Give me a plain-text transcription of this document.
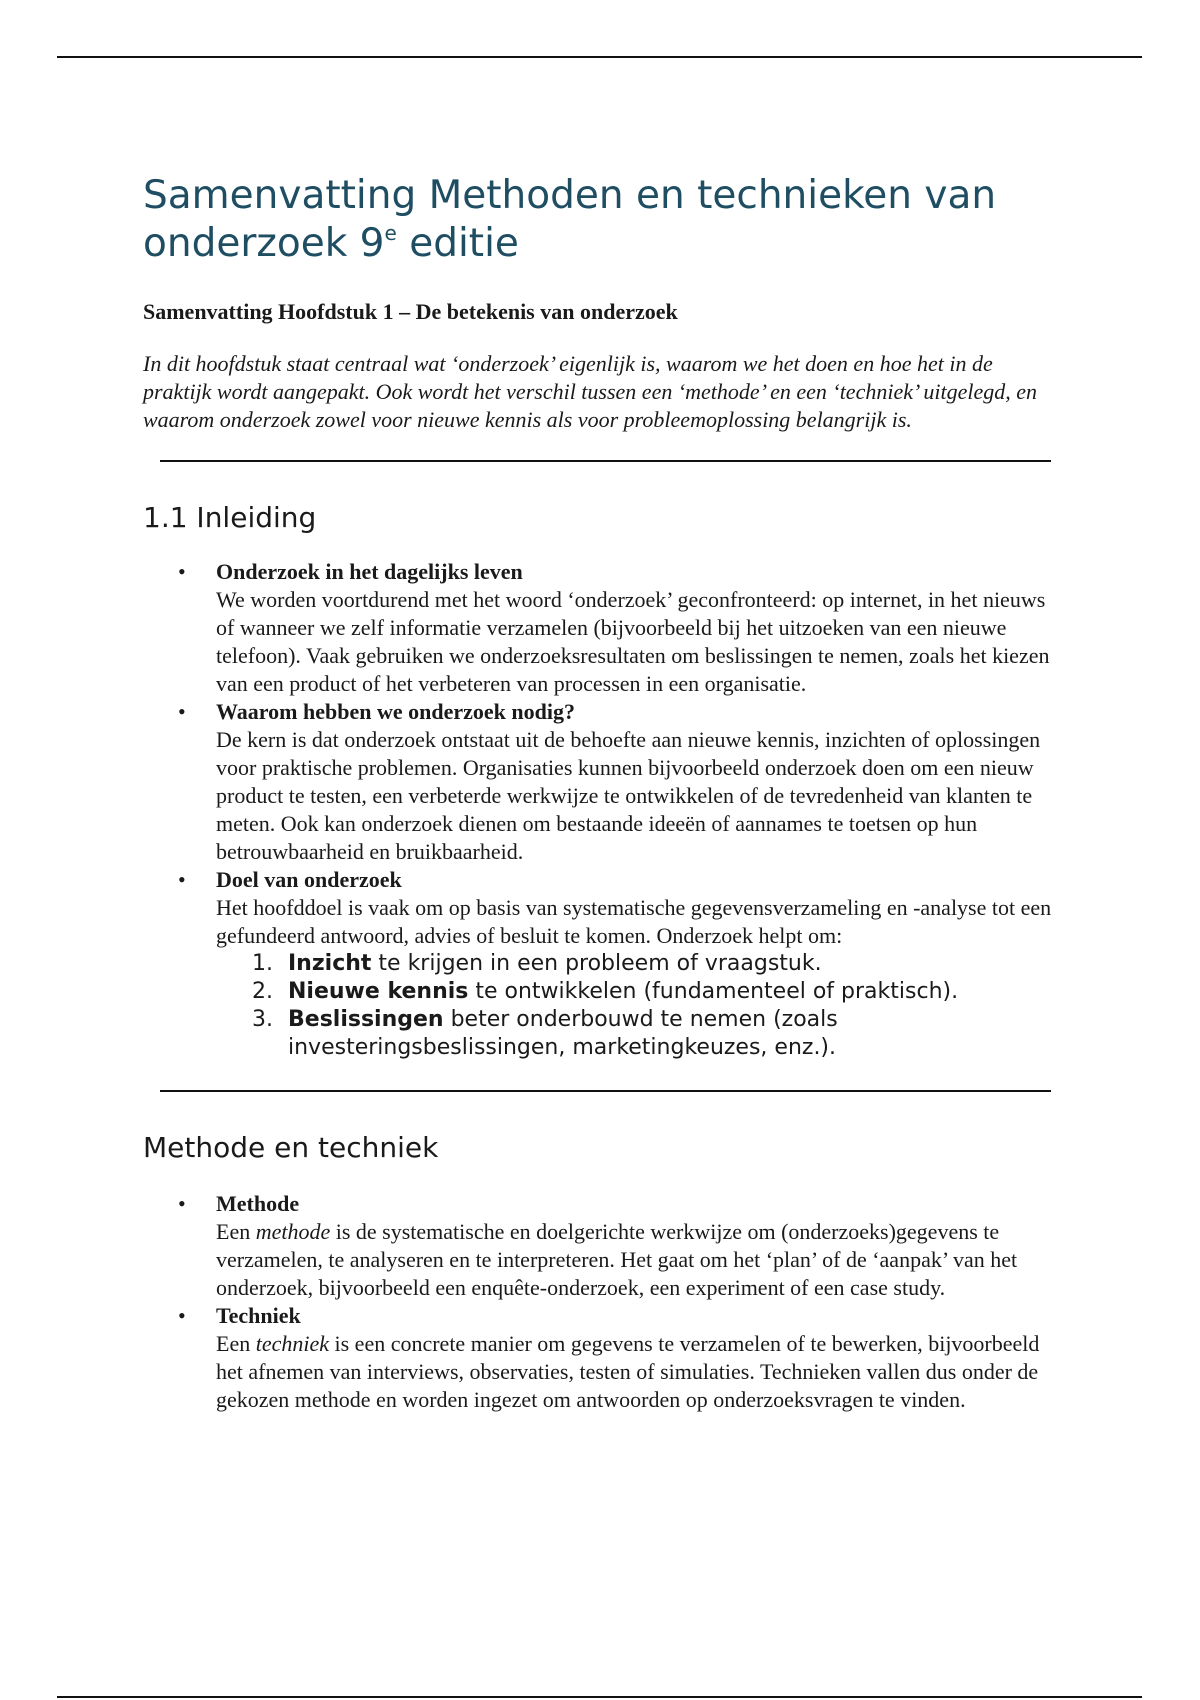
Samenvatting Methoden en technieken van onderzoek 9e editie

Samenvatting Hoofdstuk 1 – De betekenis van onderzoek

In dit hoofdstuk staat centraal wat ‘onderzoek’ eigenlijk is, waarom we het doen en hoe het in de praktijk wordt aangepakt. Ook wordt het verschil tussen een ‘methode’ en een ‘techniek’ uitgelegd, en waarom onderzoek zowel voor nieuwe kennis als voor probleemoplossing belangrijk is.

1.1 Inleiding
• Onderzoek in het dagelijks leven
We worden voortdurend met het woord ‘onderzoek’ geconfronteerd: op internet, in het nieuws of wanneer we zelf informatie verzamelen (bijvoorbeeld bij het uitzoeken van een nieuwe telefoon). Vaak gebruiken we onderzoeksresultaten om beslissingen te nemen, zoals het kiezen van een product of het verbeteren van processen in een organisatie.
• Waarom hebben we onderzoek nodig?
De kern is dat onderzoek ontstaat uit de behoefte aan nieuwe kennis, inzichten of oplossingen voor praktische problemen. Organisaties kunnen bijvoorbeeld onderzoek doen om een nieuw product te testen, een verbeterde werkwijze te ontwikkelen of de tevredenheid van klanten te meten. Ook kan onderzoek dienen om bestaande ideeën of aannames te toetsen op hun betrouwbaarheid en bruikbaarheid.
• Doel van onderzoek
Het hoofddoel is vaak om op basis van systematische gegevensverzameling en -analyse tot een gefundeerd antwoord, advies of besluit te komen. Onderzoek helpt om:
1. Inzicht te krijgen in een probleem of vraagstuk.
2. Nieuwe kennis te ontwikkelen (fundamenteel of praktisch).
3. Beslissingen beter onderbouwd te nemen (zoals investeringsbeslissingen, marketingkeuzes, enz.).
Methode en techniek
• Methode
Een methode is de systematische en doelgerichte werkwijze om (onderzoeks)gegevens te verzamelen, te analyseren en te interpreteren. Het gaat om het ‘plan’ of de ‘aanpak’ van het onderzoek, bijvoorbeeld een enquête-onderzoek, een experiment of een case study.
• Techniek
Een techniek is een concrete manier om gegevens te verzamelen of te bewerken, bijvoorbeeld het afnemen van interviews, observaties, testen of simulaties. Technieken vallen dus onder de gekozen methode en worden ingezet om antwoorden op onderzoeksvragen te vinden.
